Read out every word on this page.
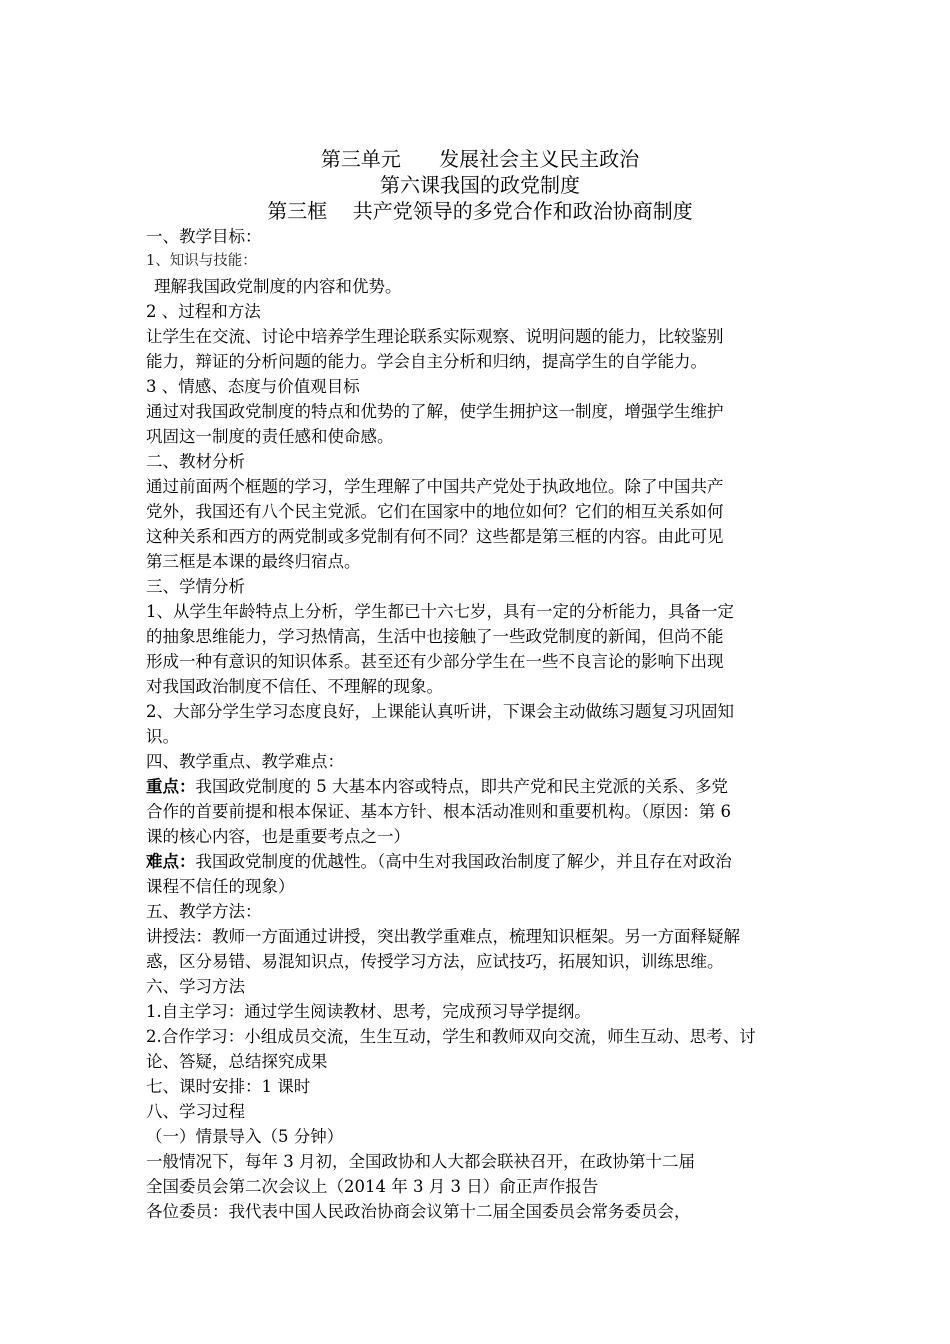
第三单元      发展社会主义民主政治

第六课我国的政党制度

第三框    共产党领导的多党合作和政治协商制度

一、教学目标：

1、知识与技能：

理解我国政党制度的内容和优势。

2 、过程和方法

让学生在交流、讨论中培养学生理论联系实际观察、说明问题的能力，比较鉴别

能力，辩证的分析问题的能力。学会自主分析和归纳，提高学生的自学能力。

3 、情感、态度与价值观目标

通过对我国政党制度的特点和优势的了解，使学生拥护这一制度，增强学生维护

巩固这一制度的责任感和使命感。

二、教材分析

通过前面两个框题的学习，学生理解了中国共产党处于执政地位。除了中国共产

党外，我国还有八个民主党派。它们在国家中的地位如何？它们的相互关系如何

这种关系和西方的两党制或多党制有何不同？这些都是第三框的内容。由此可见

第三框是本课的最终归宿点。

三、学情分析

1、从学生年龄特点上分析，学生都已十六七岁，具有一定的分析能力，具备一定

的抽象思维能力，学习热情高，生活中也接触了一些政党制度的新闻，但尚不能

形成一种有意识的知识体系。甚至还有少部分学生在一些不良言论的影响下出现

对我国政治制度不信任、不理解的现象。

2、大部分学生学习态度良好，上课能认真听讲，下课会主动做练习题复习巩固知

识。

四、教学重点、教学难点：

重点：我国政党制度的 5 大基本内容或特点，即共产党和民主党派的关系、多党

合作的首要前提和根本保证、基本方针、根本活动准则和重要机构。（原因：第 6

课的核心内容，也是重要考点之一）

难点：我国政党制度的优越性。（高中生对我国政治制度了解少，并且存在对政治

课程不信任的现象）

五、教学方法：

讲授法：教师一方面通过讲授，突出教学重难点，梳理知识框架。另一方面释疑解

惑，区分易错、易混知识点，传授学习方法，应试技巧，拓展知识，训练思维。

六、学习方法

1.自主学习：通过学生阅读教材、思考，完成预习导学提纲。

2.合作学习：小组成员交流，生生互动，学生和教师双向交流，师生互动、思考、讨

论、答疑，总结探究成果

七、课时安排：1 课时

八、学习过程

（一）情景导入（5 分钟）

一般情况下，每年 3 月初，全国政协和人大都会联袂召开，在政协第十二届

全国委员会第二次会议上（2014 年 3 月 3 日）俞正声作报告

各位委员：我代表中国人民政治协商会议第十二届全国委员会常务委员会，
